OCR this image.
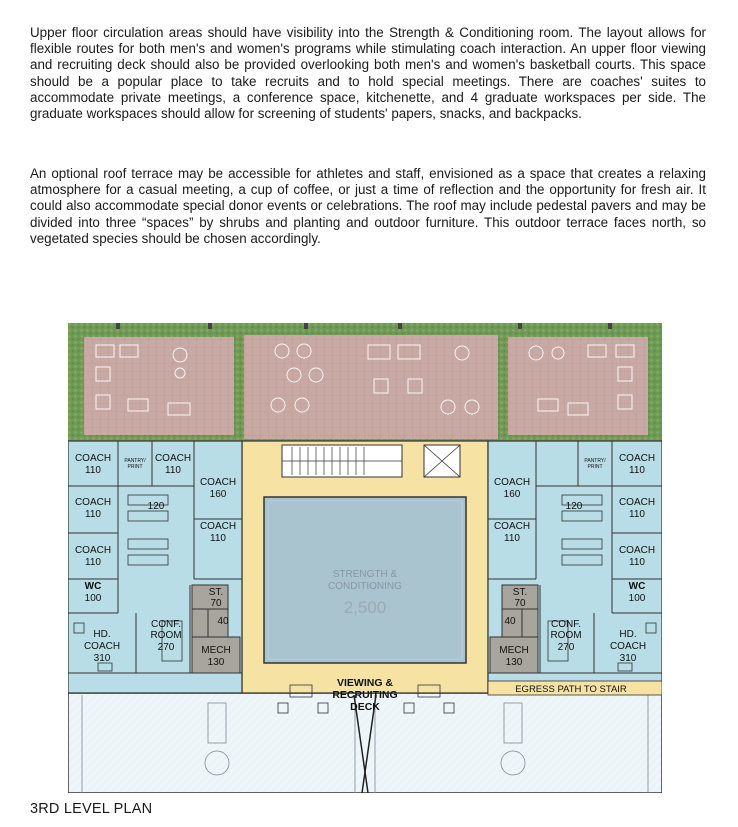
Upper floor circulation areas should have visibility into the Strength & Conditioning room. The layout allows for flexible routes for both men's and women's programs while stimulating coach interaction. An upper floor viewing and recruiting deck should also be provided overlooking both men's and women's basketball courts. This space should be a popular place to take recruits and to hold special meetings. There are coaches' suites to accommodate private meetings, a conference space, kitchenette, and 4 graduate workspaces per side. The graduate workspaces should allow for screening of students' papers, snacks, and backpacks.

An optional roof terrace may be accessible for athletes and staff, envisioned as a space that creates a relaxing atmosphere for a casual meeting, a cup of coffee, or just a time of reflection and the opportunity for fresh air. It could also accommodate special donor events or celebrations. The roof may include pedestal pavers and may be divided into three “spaces” by shrubs and planting and outdoor furniture. This outdoor terrace faces north, so vegetated species should be chosen accordingly.

STRENGTH &
CONDITIONING
2,500
VIEWING &
RECRUITING
DECK
COACH
110
PANTRY/
PRINT
COACH
110
COACH
160
COACH
110
120
COACH
110
COACH
110
WC
100
ST.
70
40
CONF.
ROOM
270
HD.
COACH
310
MECH
130
COACH
110
PANTRY/
PRINT
COACH
160
COACH
110
120
COACH
110
COACH
110
WC
100
ST.
70
40	CONF.
ROOM
270
HD.
COACH
310
MECH
130
EGRESS PATH TO STAIR
3RD LEVEL PLAN
